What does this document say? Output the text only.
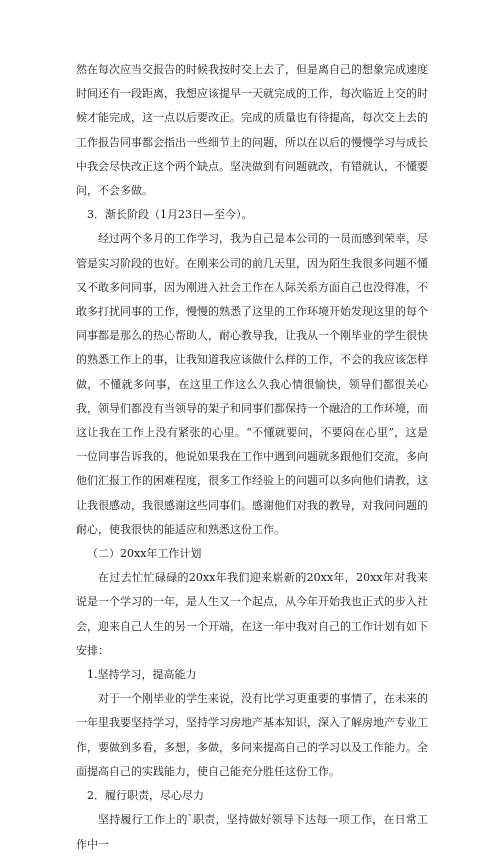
然在每次应当交报告的时候我按时交上去了，但是离自己的想象完成速度时间还有一段距离，我想应该提早一天就完成的工作，每次临近上交的时候才能完成，这一点以后要改正。完成的质量也有待提高，每次交上去的工作报告同事都会指出一些细节上的问题，所以在以后的慢慢学习与成长中我会尽快改正这个两个缺点。坚决做到有问题就改，有错就认，不懂要问，不会多做。

3．渐长阶段（1月23日—至今）。

经过两个多月的工作学习，我为自己是本公司的一员而感到荣幸，尽管是实习阶段的也好。在刚来公司的前几天里，因为陌生我很多问题不懂又不敢多问同事，因为刚进入社会工作在人际关系方面自己也没得准，不敢多打扰同事的工作，慢慢的熟悉了这里的工作环境开始发现这里的每个同事都是那么的热心帮助人，耐心教导我，让我从一个刚毕业的学生很快的熟悉工作上的事，让我知道我应该做什么样的工作，不会的我应该怎样做，不懂就多问事，在这里工作这么久我心情很愉快，领导们都很关心我，领导们都没有当领导的架子和同事们都保持一个融洽的工作环境，而这让我在工作上没有紧张的心里。“不懂就要问，不要闷在心里”，这是一位同事告诉我的，他说如果我在工作中遇到问题就多跟他们交流，多向他们汇报工作的困难程度，很多工作经验上的问题可以多向他们请教，这让我很感动，我很感谢这些同事们。感谢他们对我的教导，对我问问题的耐心，使我很快的能适应和熟悉这份工作。

（二）20xx年工作计划

在过去忙忙碌碌的20xx年我们迎来崭新的20xx年，20xx年对我来说是一个学习的一年，是人生又一个起点，从今年开始我也正式的步入社会，迎来自己人生的另一个开端，在这一年中我对自己的工作计划有如下安排：

1.坚持学习，提高能力

对于一个刚毕业的学生来说，没有比学习更重要的事情了，在未来的一年里我要坚持学习，坚持学习房地产基本知识，深入了解房地产专业工作，要做到多看，多想，多做，多问来提高自己的学习以及工作能力。全面提高自己的实践能力，使自己能充分胜任这份工作。

2．履行职责，尽心尽力

坚持履行工作上的`职责，坚持做好领导下达每一项工作，在日常工作中一
